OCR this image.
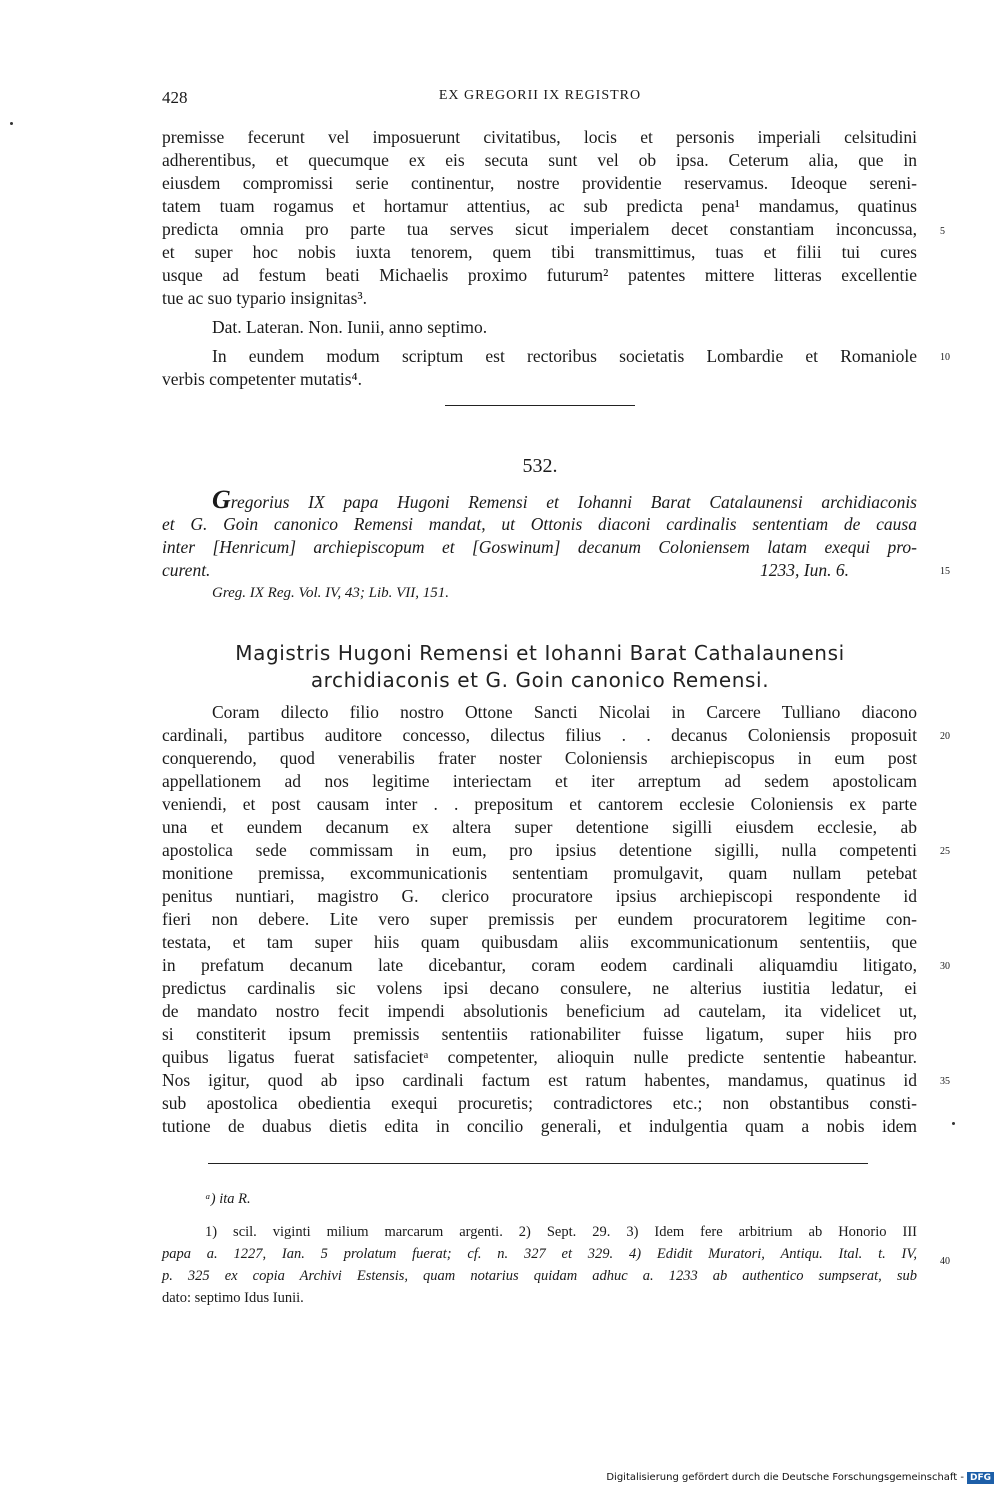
428	EX GREGORII IX REGISTRO
premisse fecerunt vel imposuerunt civitatibus, locis et personis imperiali celsitudini
adherentibus, et quecumque ex eis secuta sunt vel ob ipsa. Ceterum alia, que in
eiusdem compromissi serie continentur, nostre providentie reservamus. Ideoque sereni-
tatem tuam rogamus et hortamur attentius, ac sub predicta pena¹ mandamus, quatinus
predicta omnia pro parte tua serves sicut imperialem decet constantiam inconcussa,
et super hoc nobis iuxta tenorem, quem tibi transmittimus, tuas et filii tui cures
usque ad festum beati Michaelis proximo futurum² patentes mittere litteras excellentie
tue ac suo typario insignitas³.
Dat. Lateran. Non. Iunii, anno septimo.
In eundem modum scriptum est rectoribus societatis Lombardie et Romaniole
verbis competenter mutatis⁴.
532.
Gregorius IX papa Hugoni Remensi et Iohanni Barat Catalaunensi archidiaconis
et G. Goin canonico Remensi mandat, ut Ottonis diaconi cardinalis sententiam de causa
inter [Henricum] archiepiscopum et [Goswinum] decanum Coloniensem latam exequi pro-
curent.	1233, Iun. 6.
Greg. IX Reg. Vol. IV, 43; Lib. VII, 151.
Magistris Hugoni Remensi et Iohanni Barat Cathalaunensi
archidiaconis et G. Goin canonico Remensi.
Coram dilecto filio nostro Ottone Sancti Nicolai in Carcere Tulliano diacono
cardinali, partibus auditore concesso, dilectus filius . . decanus Coloniensis proposuit
conquerendo, quod venerabilis frater noster Coloniensis archiepiscopus in eum post
appellationem ad nos legitime interiectam et iter arreptum ad sedem apostolicam
veniendi, et post causam inter . . prepositum et cantorem ecclesie Coloniensis ex parte
una et eundem decanum ex altera super detentione sigilli eiusdem ecclesie, ab
apostolica sede commissam in eum, pro ipsius detentione sigilli, nulla competenti
monitione premissa, excommunicationis sententiam promulgavit, quam nullam petebat
penitus nuntiari, magistro G. clerico procuratore ipsius archiepiscopi respondente id
fieri non debere. Lite vero super premissis per eundem procuratorem legitime con-
testata, et tam super hiis quam quibusdam aliis excommunicationum sententiis, que
in prefatum decanum late dicebantur, coram eodem cardinali aliquamdiu litigato,
predictus cardinalis sic volens ipsi decano consulere, ne alterius iustitia ledatur, ei
de mandato nostro fecit impendi absolutionis beneficium ad cautelam, ita videlicet ut,
si constiterit ipsum premissis sententiis rationabiliter fuisse ligatum, super hiis pro
quibus ligatus fuerat satisfacietᵃ competenter, alioquin nulle predicte sententie habeantur.
Nos igitur, quod ab ipso cardinali factum est ratum habentes, mandamus, quatinus id
sub apostolica obedientia exequi procuretis; contradictores etc.; non obstantibus consti-
tutione de duabus dietis edita in concilio generali, et indulgentia quam a nobis idem
5
10
15
20
25
30
35
40
ᵃ) ita R.
1) scil. viginti milium marcarum argenti. 2) Sept. 29. 3) Idem fere arbitrium ab Honorio III
papa a. 1227, Ian. 5 prolatum fuerat; cf. n. 327 et 329. 4) Edidit Muratori, Antiqu. Ital. t. IV,
p. 325 ex copia Archivi Estensis, quam notarius quidam adhuc a. 1233 ab authentico sumpserat, sub
dato: septimo Idus Iunii.
Digitalisierung gefördert durch die Deutsche Forschungsgemeinschaft - DFG
